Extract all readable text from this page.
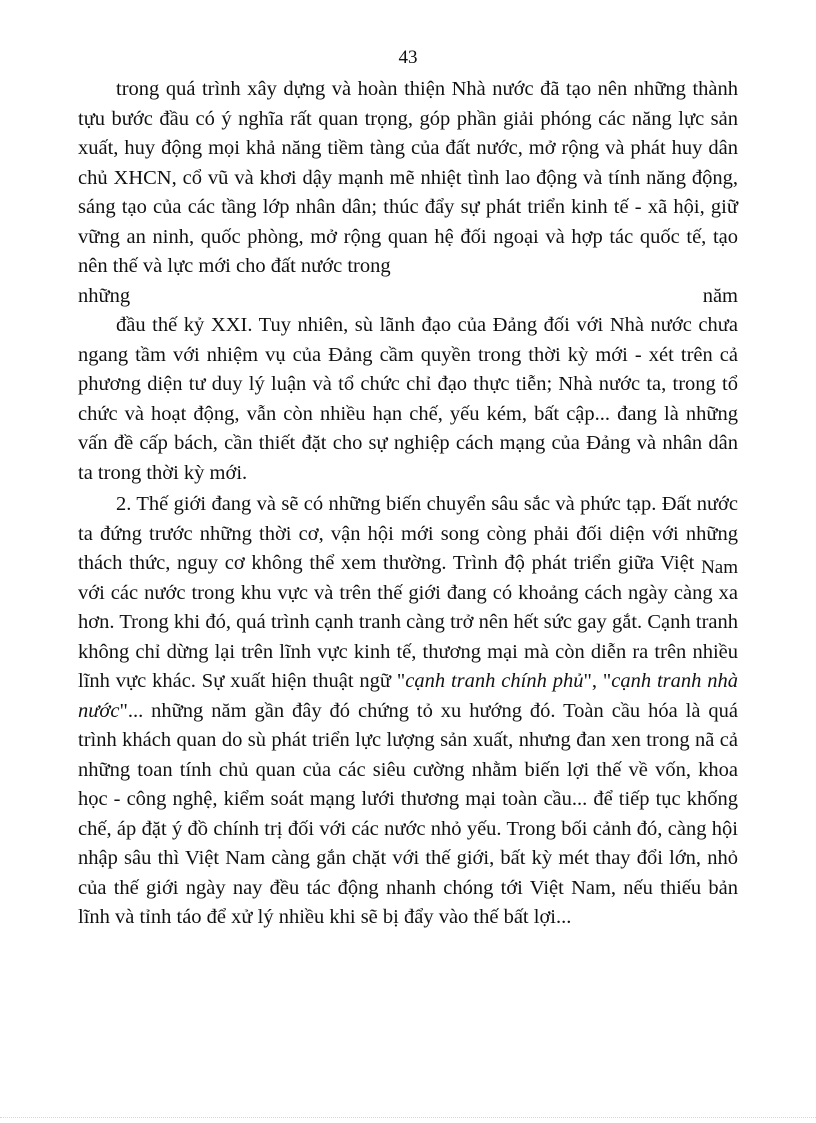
43

trong quá trình xây dựng và hoàn thiện Nhà nước đã tạo nên những thành tựu bước đầu có ý nghĩa rất quan trọng, góp phần giải phóng các năng lực sản xuất, huy động mọi khả năng tiềm tàng của đất nước, mở rộng và phát huy dân chủ XHCN, cổ vũ và khơi dậy mạnh mẽ nhiệt tình lao động và tính năng động, sáng tạo của các tầng lớp nhân dân; thúc đẩy sự phát triển kinh tế - xã hội, giữ vững an ninh, quốc phòng, mở rộng quan hệ đối ngoại và hợp tác quốc tế, tạo nên thế và lực mới cho đất nước trong

những	năm

đầu thế kỷ XXI. Tuy nhiên, sù lãnh đạo của Đảng đối với Nhà nước chưa ngang tầm với nhiệm vụ của Đảng cầm quyền trong thời kỳ mới - xét trên cả phương diện tư duy lý luận và tổ chức chỉ đạo thực tiễn; Nhà nước ta, trong tổ chức và hoạt động, vẫn còn nhiều hạn chế, yếu kém, bất cập... đang là những vấn đề cấp bách, cần thiết đặt cho sự nghiệp cách mạng của Đảng và nhân dân ta trong thời kỳ mới.

2. Thế giới đang và sẽ có những biến chuyển sâu sắc và phức tạp. Đất nước ta đứng trước những thời cơ, vận hội mới song còng phải đối diện với những thách thức, nguy cơ không thể xem thường. Trình độ phát triển giữa Việt Nam với các nước trong khu vực và trên thế giới đang có khoảng cách ngày càng xa hơn. Trong khi đó, quá trình cạnh tranh càng trở nên hết sức gay gắt. Cạnh tranh không chỉ dừng lại trên lĩnh vực kinh tế, thương mại mà còn diễn ra trên nhiều lĩnh vực khác. Sự xuất hiện thuật ngữ "cạnh tranh chính phủ", "cạnh tranh nhà nước"... những năm gần đây đó chứng tỏ xu hướng đó. Toàn cầu hóa là quá trình khách quan do sù phát triển lực lượng sản xuất, nhưng đan xen trong nã cả những toan tính chủ quan của các siêu cường nhằm biến lợi thế về vốn, khoa học - công nghệ, kiểm soát mạng lưới thương mại toàn cầu... để tiếp tục khống chế, áp đặt ý đồ chính trị đối với các nước nhỏ yếu. Trong bối cảnh đó, càng hội nhập sâu thì Việt Nam càng gắn chặt với thế giới, bất kỳ mét thay đổi lớn, nhỏ của thế giới ngày nay đều tác động nhanh chóng tới Việt Nam, nếu thiếu bản lĩnh và tỉnh táo để xử lý nhiều khi sẽ bị đẩy vào thế bất lợi...
